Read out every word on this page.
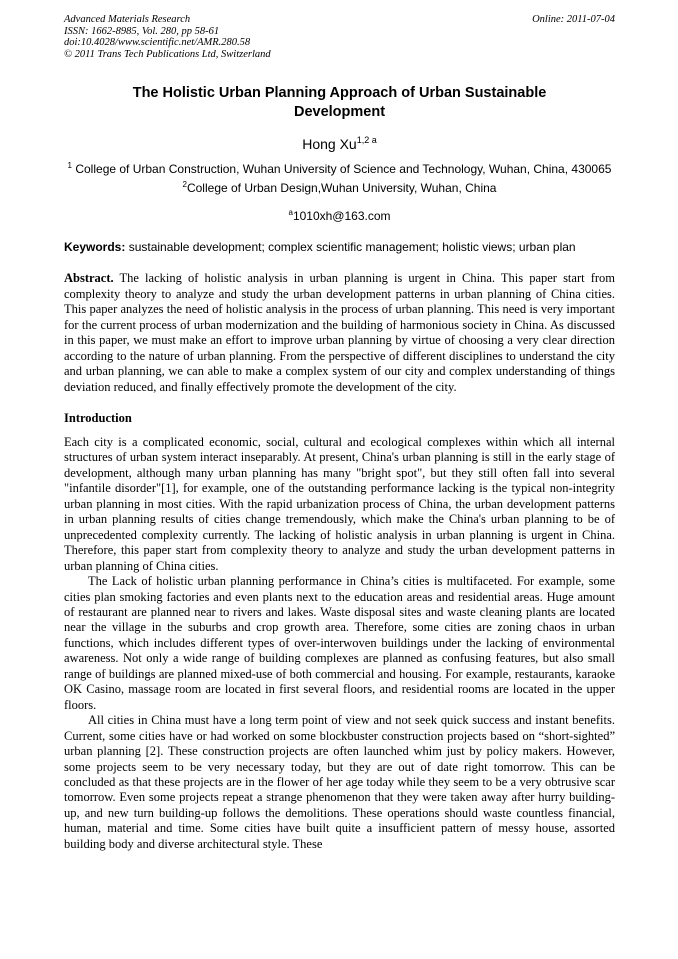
Advanced Materials Research
ISSN: 1662-8985, Vol. 280, pp 58-61
doi:10.4028/www.scientific.net/AMR.280.58
© 2011 Trans Tech Publications Ltd, Switzerland
Online: 2011-07-04
The Holistic Urban Planning Approach of Urban Sustainable Development
Hong $Xu^{1,2 a}$
$^1$ College of Urban Construction, Wuhan University of Science and Technology, Wuhan, China, 430065
$^2$College of Urban Design,Wuhan University, Wuhan, China
$^a$1010xh@163.com
Keywords: sustainable development; complex scientific management; holistic views; urban plan
Abstract. The lacking of holistic analysis in urban planning is urgent in China. This paper start from complexity theory to analyze and study the urban development patterns in urban planning of China cities. This paper analyzes the need of holistic analysis in the process of urban planning. This need is very important for the current process of urban modernization and the building of harmonious society in China. As discussed in this paper, we must make an effort to improve urban planning by virtue of choosing a very clear direction according to the nature of urban planning. From the perspective of different disciplines to understand the city and urban planning, we can able to make a complex system of our city and complex understanding of things deviation reduced, and finally effectively promote the development of the city.
Introduction

Each city is a complicated economic, social, cultural and ecological complexes within which all internal structures of urban system interact inseparably. At present, China's urban planning is still in the early stage of development, although many urban planning has many "bright spot", but they still often fall into several "infantile disorder"[1], for example, one of the outstanding performance lacking is the typical non-integrity urban planning in most cities. With the rapid urbanization process of China, the urban development patterns in urban planning results of cities change tremendously, which make the China's urban planning to be of unprecedented complexity currently. The lacking of holistic analysis in urban planning is urgent in China. Therefore, this paper start from complexity theory to analyze and study the urban development patterns in urban planning of China cities.

The Lack of holistic urban planning performance in China’s cities is multifaceted. For example, some cities plan smoking factories and even plants next to the education areas and residential areas. Huge amount of restaurant are planned near to rivers and lakes. Waste disposal sites and waste cleaning plants are located near the village in the suburbs and crop growth area. Therefore, some cities are zoning chaos in urban functions, which includes different types of over-interwoven buildings under the lacking of environmental awareness. Not only a wide range of building complexes are planned as confusing features, but also small range of buildings are planned mixed-use of both commercial and housing. For example, restaurants, karaoke OK Casino, massage room are located in first several floors, and residential rooms are located in the upper floors.

All cities in China must have a long term point of view and not seek quick success and instant benefits. Current, some cities have or had worked on some blockbuster construction projects based on “short-sighted” urban planning [2]. These construction projects are often launched whim just by policy makers. However, some projects seem to be very necessary today, but they are out of date right tomorrow. This can be concluded as that these projects are in the flower of her age today while they seem to be a very obtrusive scar tomorrow. Even some projects repeat a strange phenomenon that they were taken away after hurry building-up, and new turn building-up follows the demolitions. These operations should waste countless financial, human, material and time. Some cities have built quite a insufficient pattern of messy house, assorted building body and diverse architectural style. These
